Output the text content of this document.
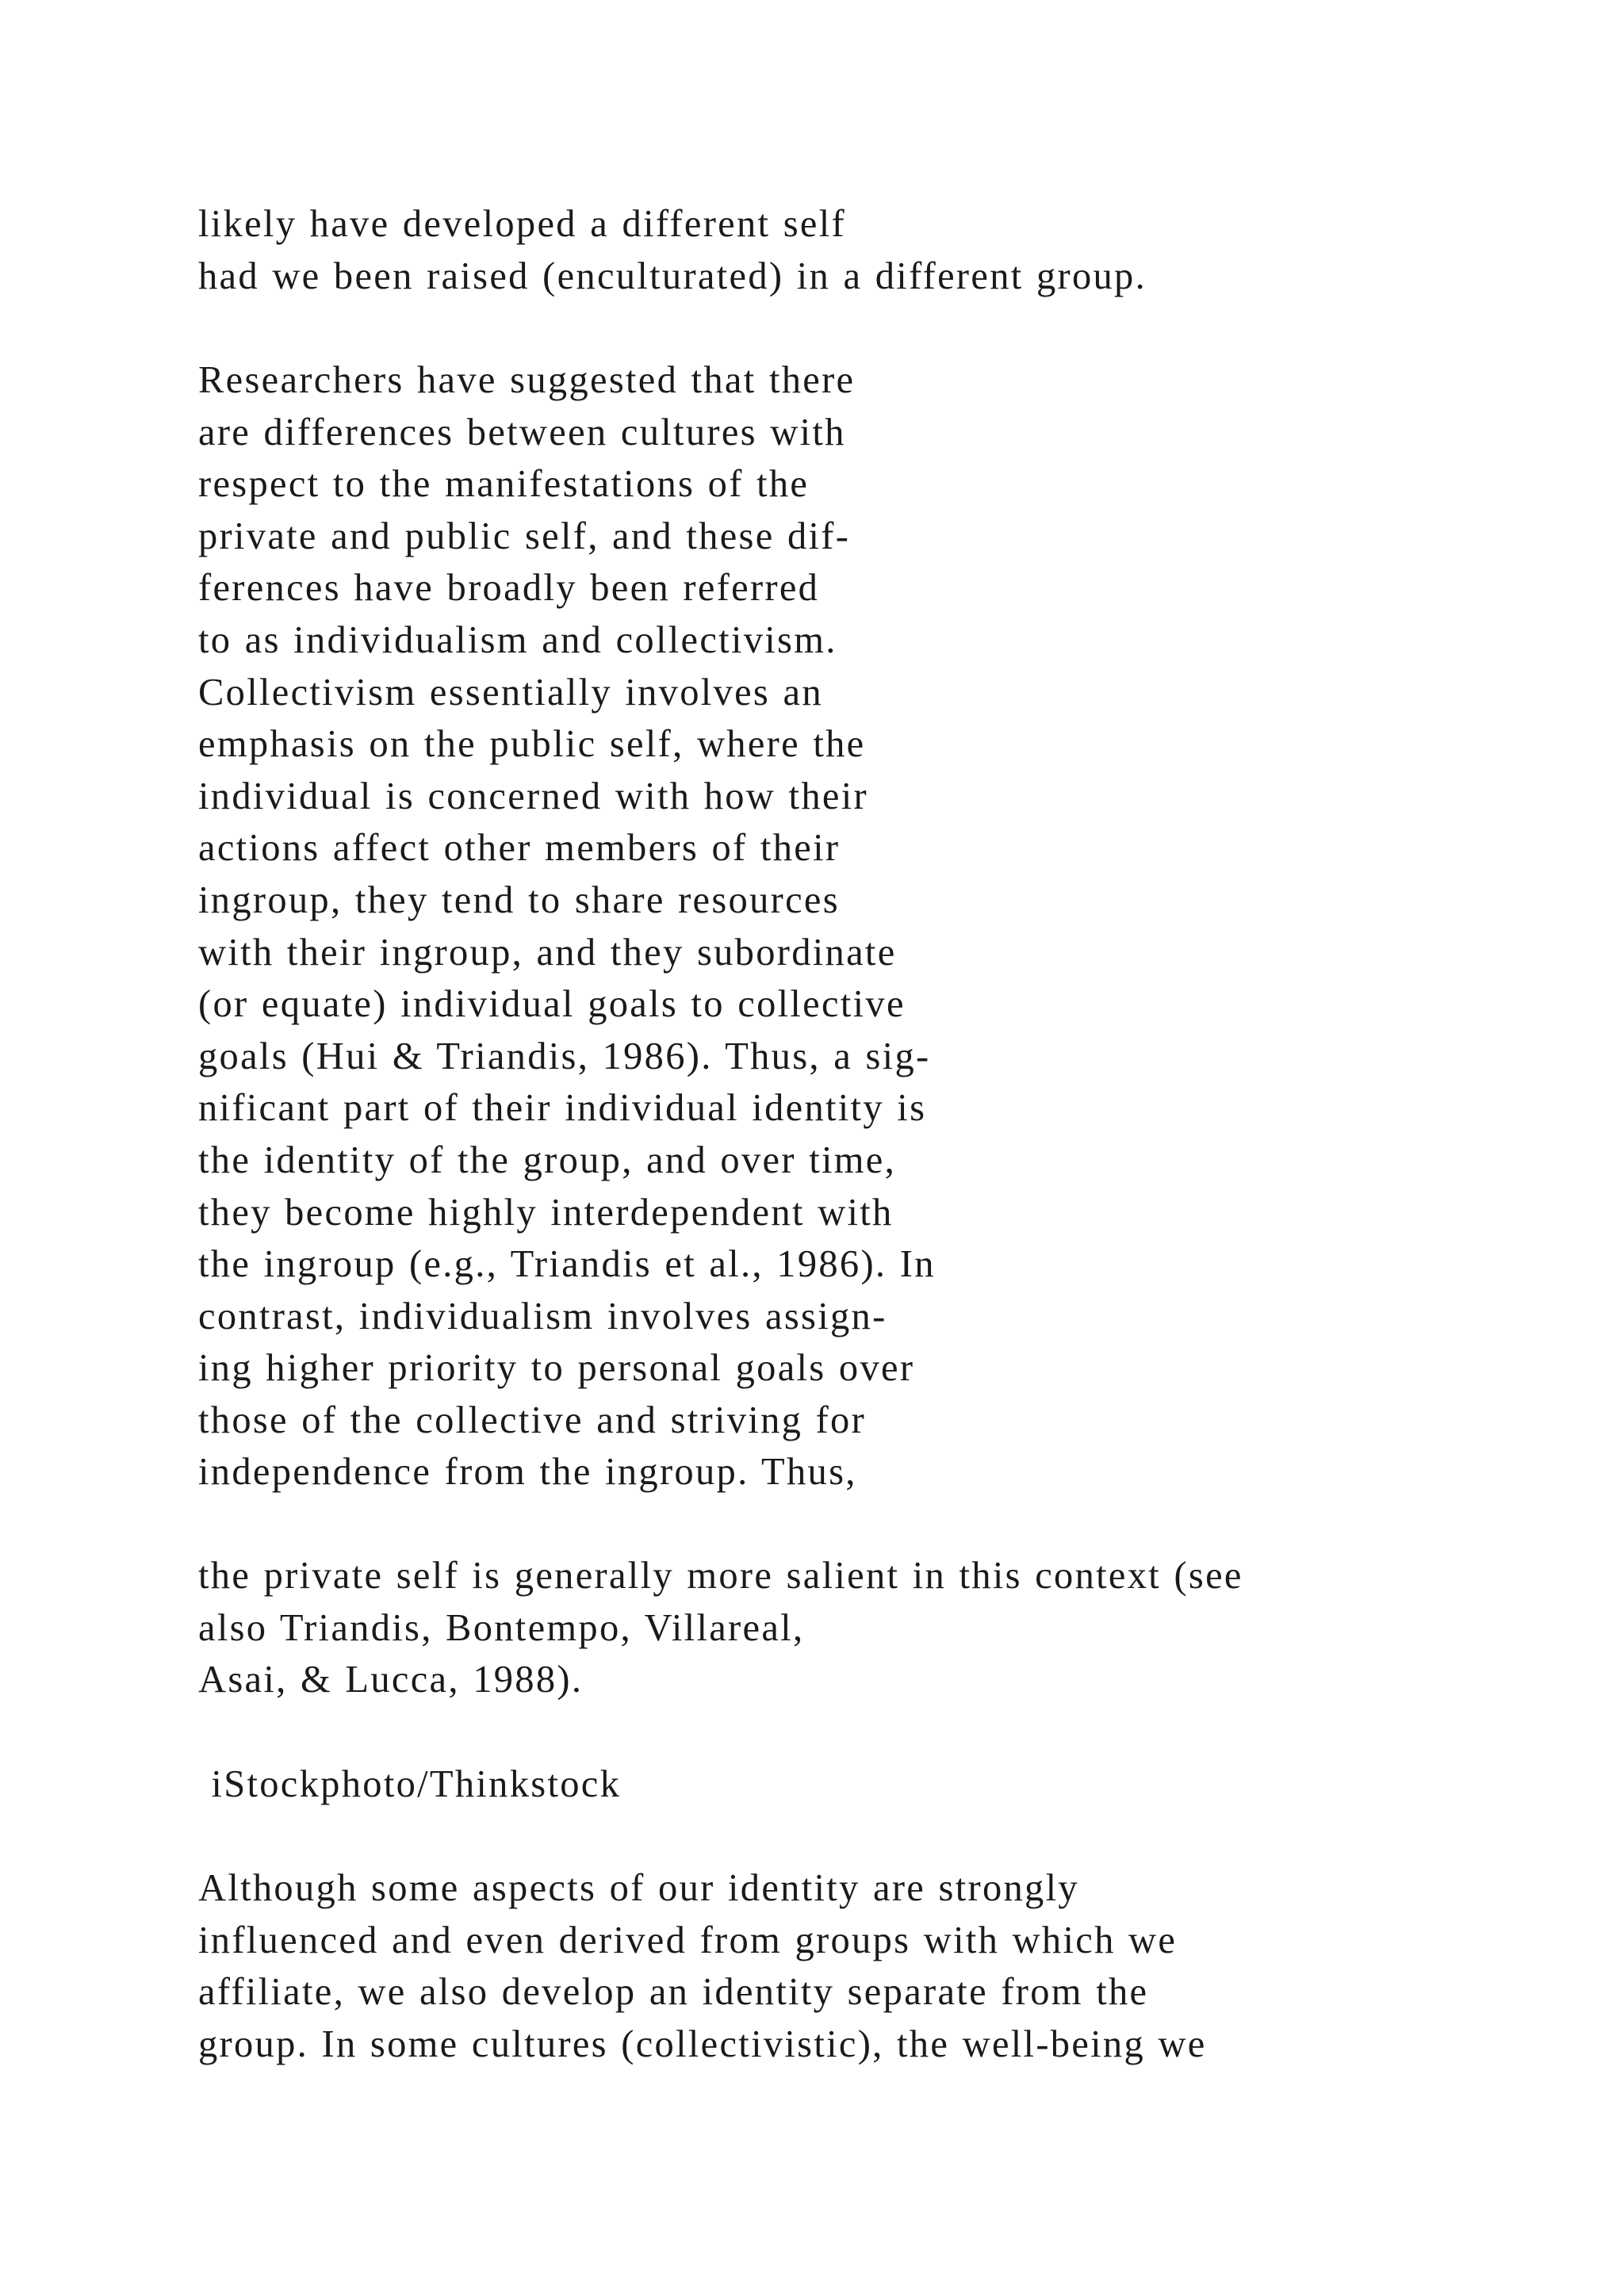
likely have developed a different self
had we been raised (enculturated) in a different group.
Researchers have suggested that there
are differences between cultures with
respect to the manifestations of the
private and public self, and these dif-
ferences have broadly been referred
to as individualism and collectivism.
Collectivism essentially involves an
emphasis on the public self, where the
individual is concerned with how their
actions affect other members of their
ingroup, they tend to share resources
with their ingroup, and they subordinate
(or equate) individual goals to collective
goals (Hui & Triandis, 1986). Thus, a sig-
nificant part of their individual identity is
the identity of the group, and over time,
they become highly interdependent with
the ingroup (e.g., Triandis et al., 1986). In
contrast, individualism involves assign-
ing higher priority to personal goals over
those of the collective and striving for
independence from the ingroup. Thus,
the private self is generally more salient in this context (see
also Triandis, Bontempo, Villareal,
Asai, & Lucca, 1988).
iStockphoto/Thinkstock
Although some aspects of our identity are strongly
influenced and even derived from groups with which we
affiliate, we also develop an identity separate from the
group. In some cultures (collectivistic), the well-being we
